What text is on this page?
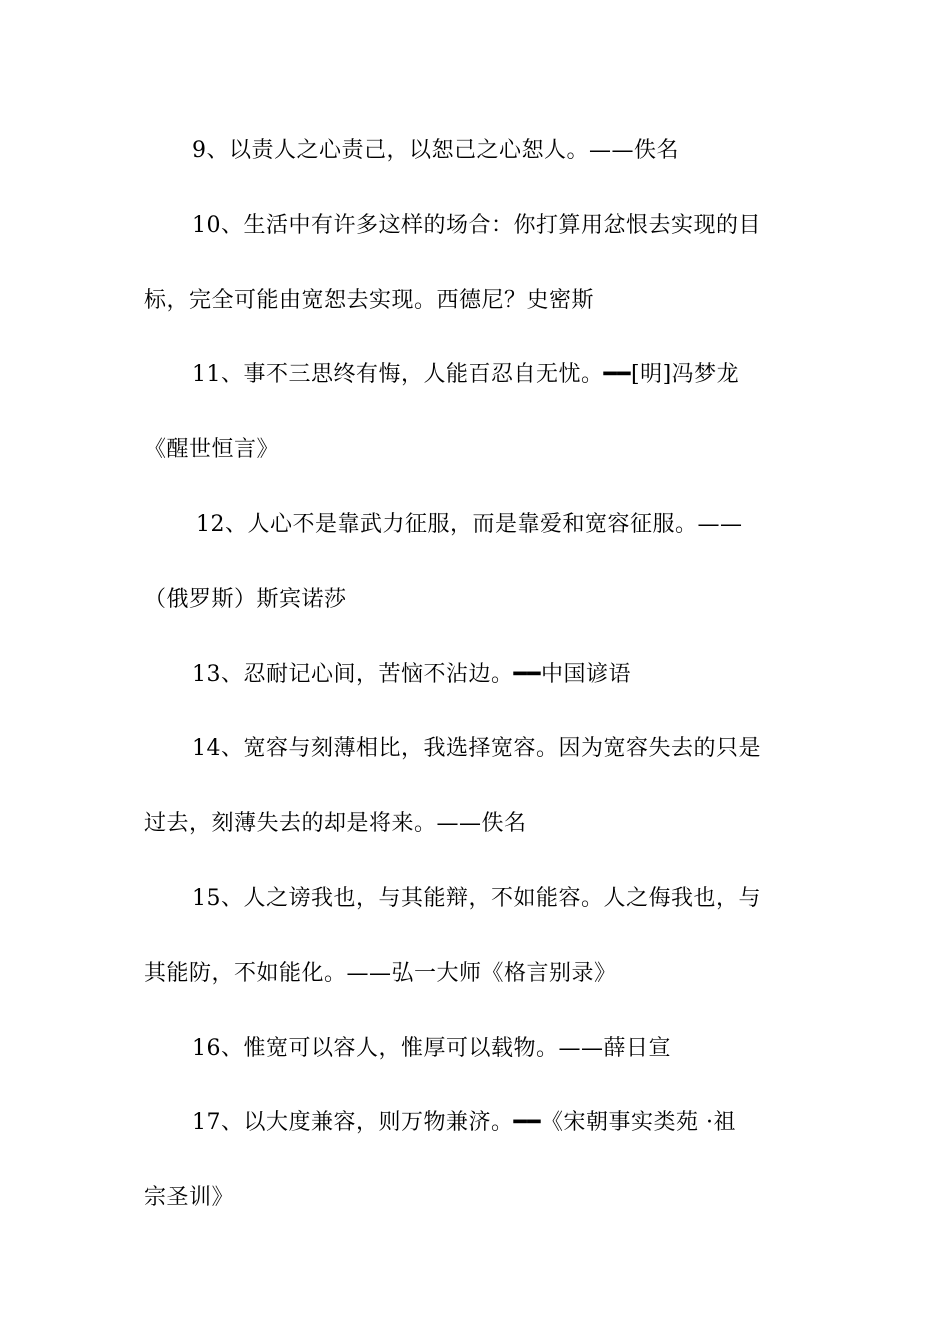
9、以责人之心责己，以恕己之心恕人。——佚名
10、生活中有许多这样的场合：你打算用忿恨去实现的目
标，完全可能由宽恕去实现。西德尼？史密斯
11、事不三思终有悔，人能百忍自无忧。━━[明]冯梦龙
《醒世恒言》
12、人心不是靠武力征服，而是靠爱和宽容征服。——
（俄罗斯）斯宾诺莎
13、忍耐记心间，苦恼不沾边。━━中国谚语
14、宽容与刻薄相比，我选择宽容。因为宽容失去的只是
过去，刻薄失去的却是将来。——佚名
15、人之谤我也，与其能辩，不如能容。人之侮我也，与
其能防，不如能化。——弘一大师《格言别录》
16、惟宽可以容人，惟厚可以载物。——薛日宣
17、以大度兼容，则万物兼济。━━《宋朝事实类苑 ·祖
宗圣训》
